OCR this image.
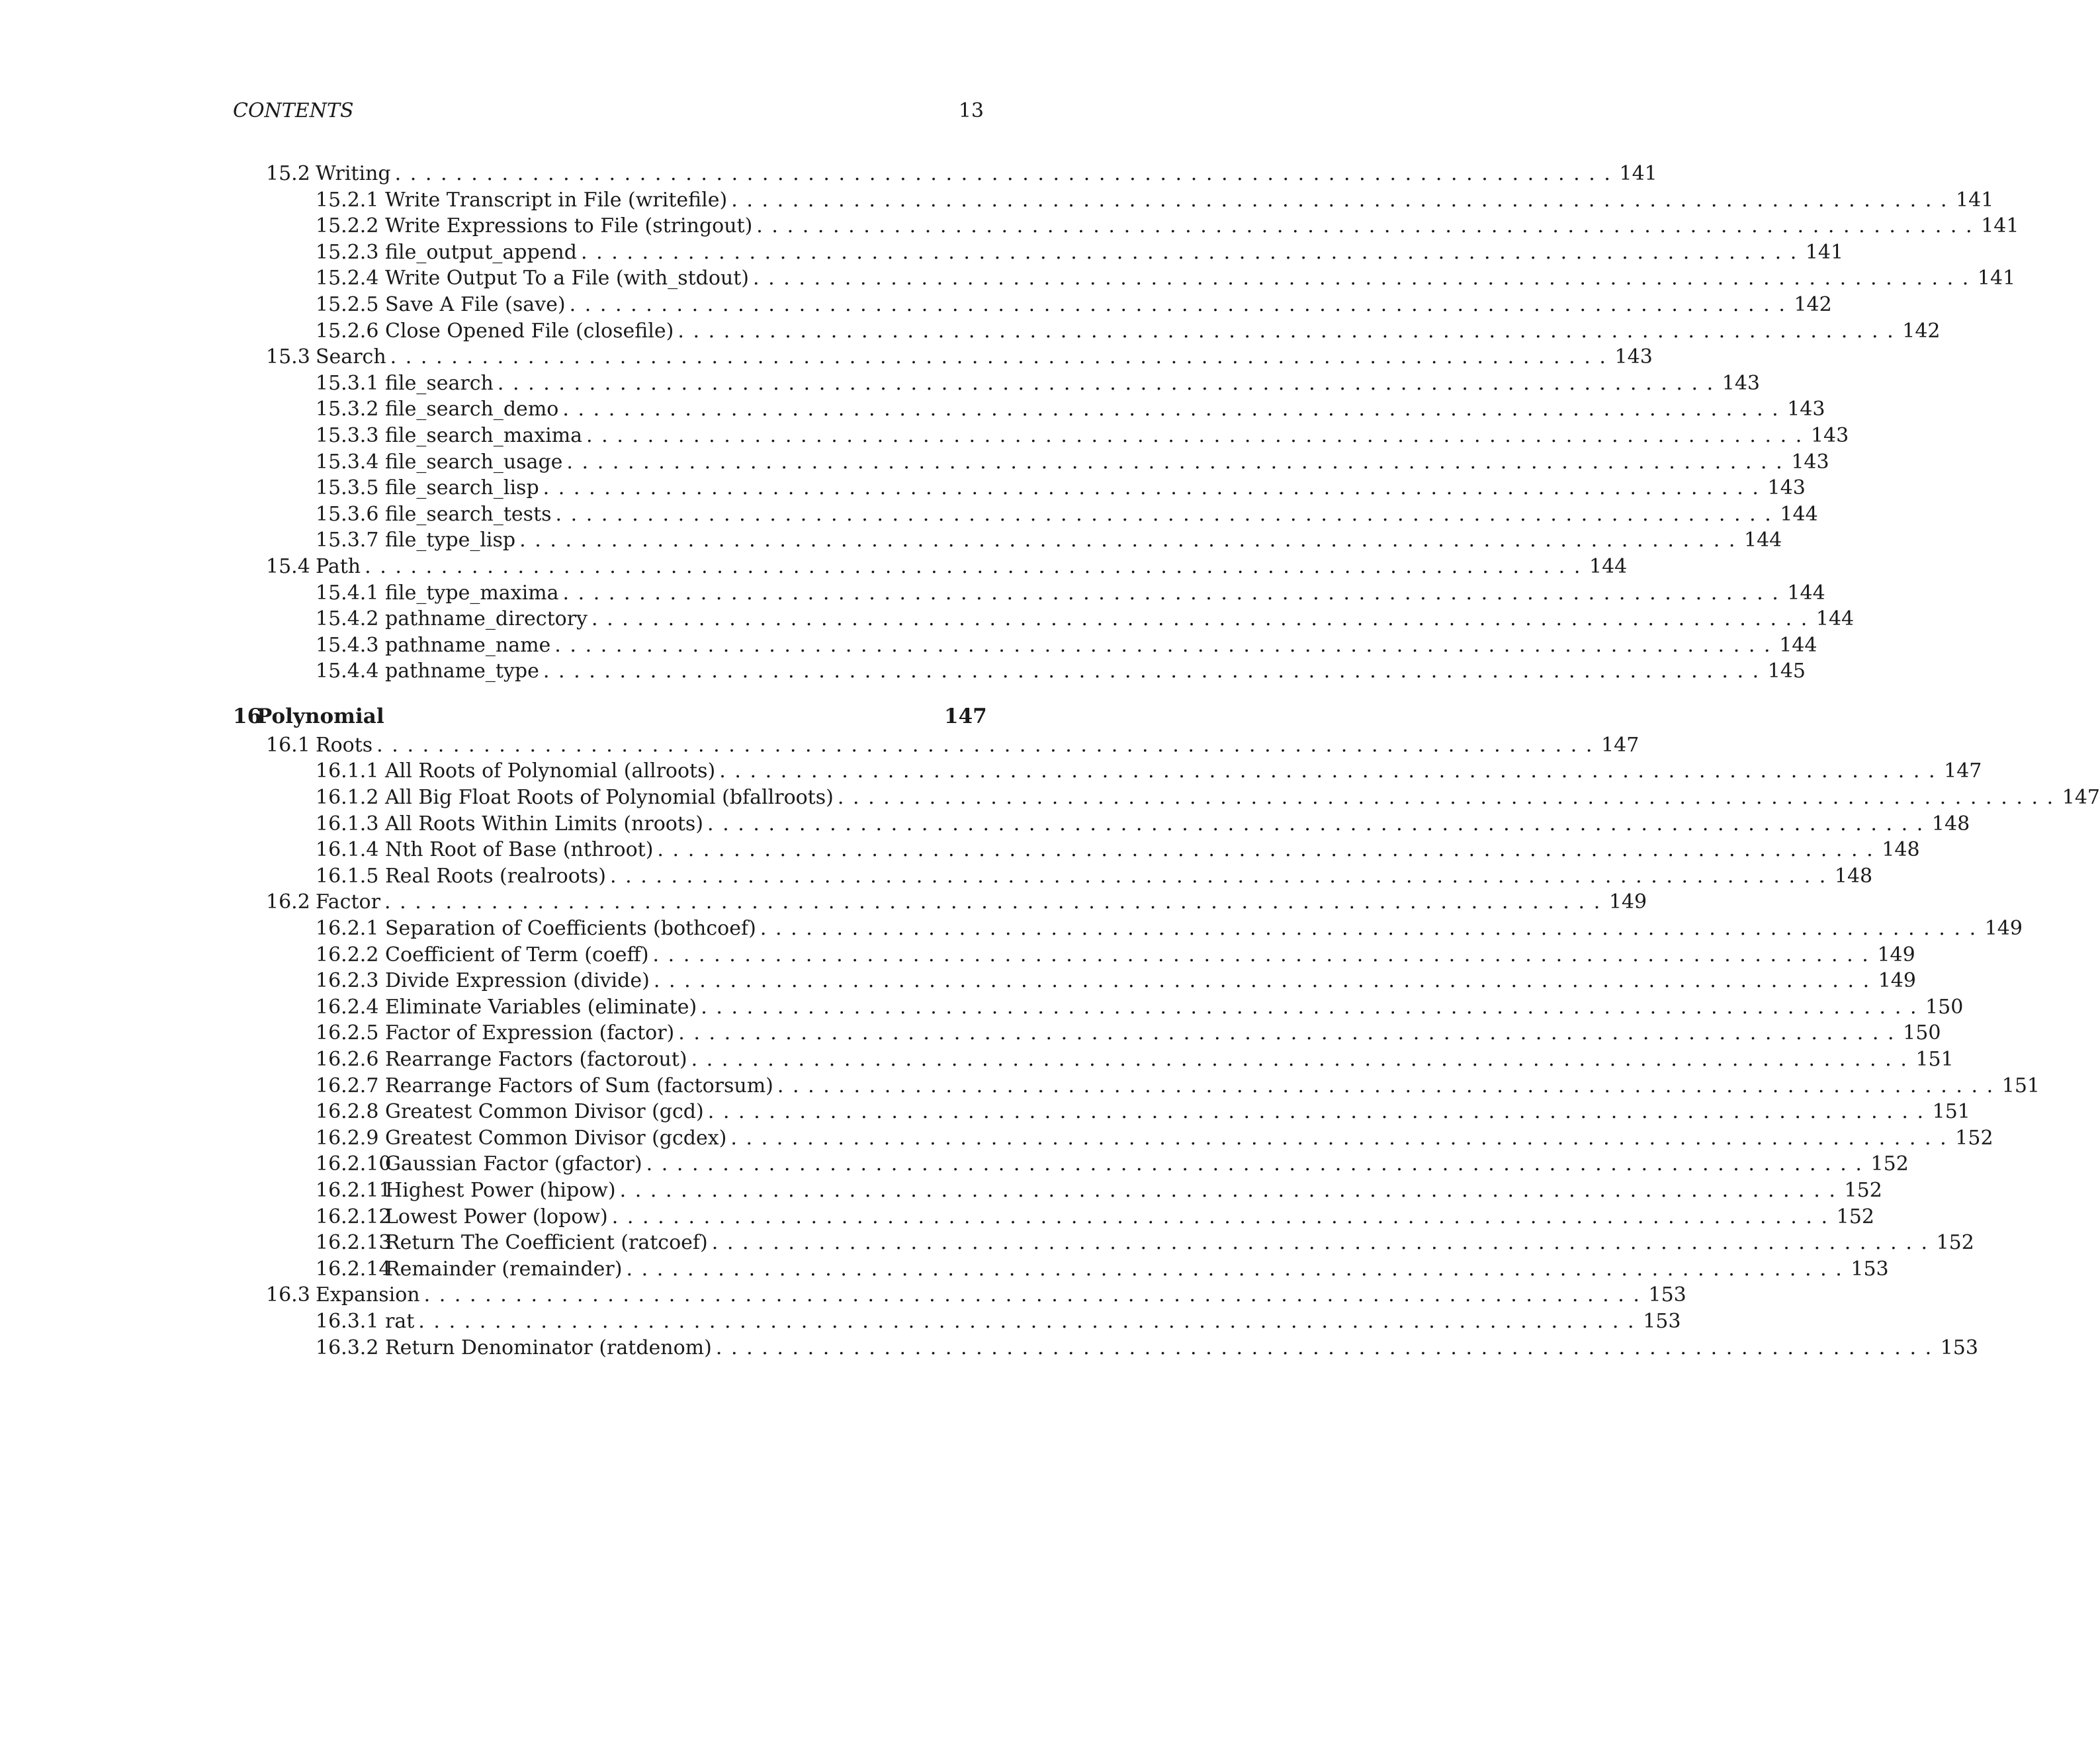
CONTENTS	13
15.2 Writing ................................................................................ 141
15.2.1 Write Transcript in File (writefile) ................................................................................ 141
15.2.2 Write Expressions to File (stringout) ................................................................................ 141
15.2.3 file_output_append ................................................................................ 141
15.2.4 Write Output To a File (with_stdout) ................................................................................ 141
15.2.5 Save A File (save) ................................................................................ 142
15.2.6 Close Opened File (closefile) ................................................................................ 142
15.3 Search ................................................................................ 143
15.3.1 file_search ................................................................................ 143
15.3.2 file_search_demo ................................................................................ 143
15.3.3 file_search_maxima ................................................................................ 143
15.3.4 file_search_usage ................................................................................ 143
15.3.5 file_search_lisp ................................................................................ 143
15.3.6 file_search_tests ................................................................................ 144
15.3.7 file_type_lisp ................................................................................ 144
15.4 Path ................................................................................ 144
15.4.1 file_type_maxima ................................................................................ 144
15.4.2 pathname_directory ................................................................................ 144
15.4.3 pathname_name ................................................................................ 144
15.4.4 pathname_type ................................................................................ 145
16
Polynomial	147
16.1 Roots ................................................................................ 147
16.1.1 All Roots of Polynomial (allroots) ................................................................................ 147
16.1.2 All Big Float Roots of Polynomial (bfallroots) ................................................................................ 147
16.1.3 All Roots Within Limits (nroots) ................................................................................ 148
16.1.4 Nth Root of Base (nthroot) ................................................................................ 148
16.1.5 Real Roots (realroots) ................................................................................ 148
16.2 Factor ................................................................................ 149
16.2.1 Separation of Coefficients (bothcoef) ................................................................................ 149
16.2.2 Coefficient of Term (coeff) ................................................................................ 149
16.2.3 Divide Expression (divide) ................................................................................ 149
16.2.4 Eliminate Variables (eliminate) ................................................................................ 150
16.2.5 Factor of Expression (factor) ................................................................................ 150
16.2.6 Rearrange Factors (factorout) ................................................................................ 151
16.2.7 Rearrange Factors of Sum (factorsum) ................................................................................ 151
16.2.8 Greatest Common Divisor (gcd) ................................................................................ 151
16.2.9 Greatest Common Divisor (gcdex) ................................................................................ 152
16.2.10
Gaussian Factor (gfactor) ................................................................................ 152
16.2.11
Highest Power (hipow) ................................................................................ 152
16.2.12
Lowest Power (lopow) ................................................................................ 152
16.2.13
Return The Coefficient (ratcoef) ................................................................................ 152
16.2.14
Remainder (remainder) ................................................................................ 153
16.3 Expansion ................................................................................ 153
16.3.1 rat ................................................................................ 153
16.3.2 Return Denominator (ratdenom) ................................................................................ 153
